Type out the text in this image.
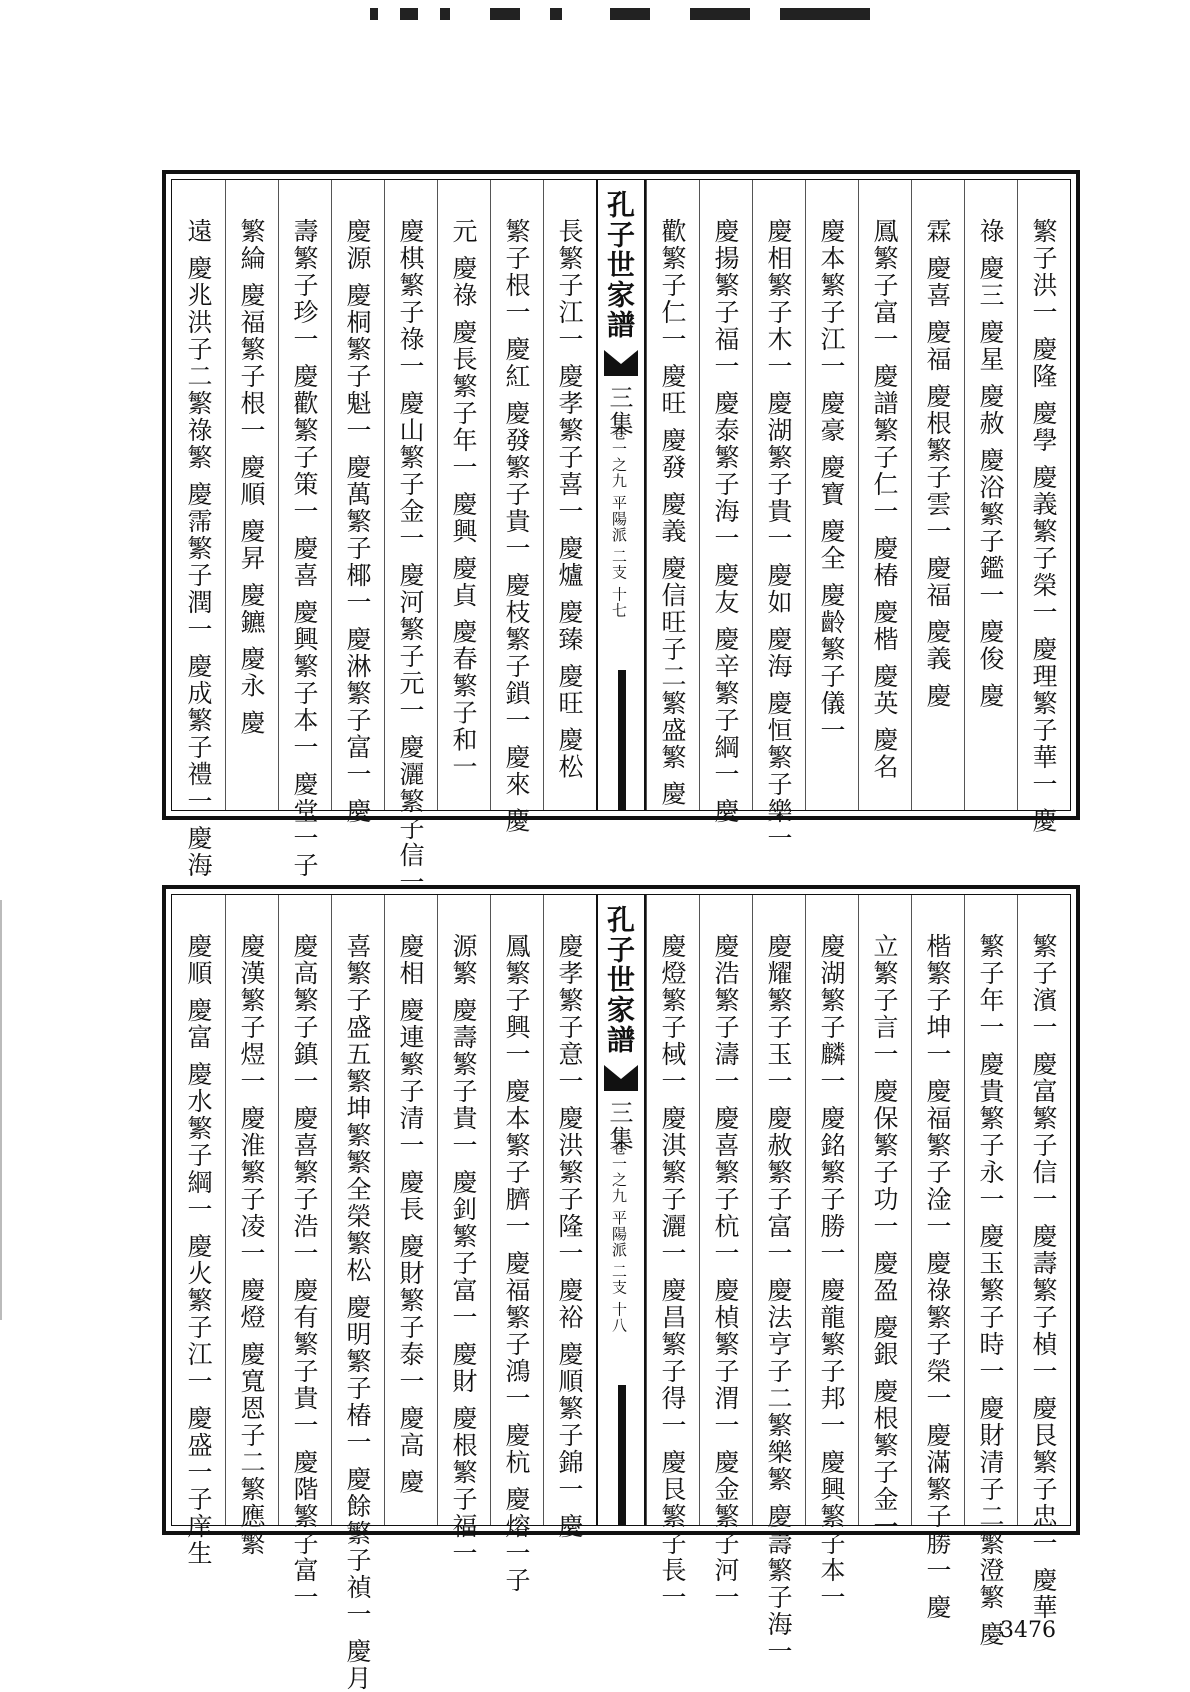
遠 慶兆洪子二繁祿繁 慶霈繁子潤一 慶成繁子禮一 慶海 繁綸 慶福繁子根一 慶順 慶昇 慶鑣 慶永 慶 壽繁子珍一 慶歡繁子策一 慶喜 慶興繁子本一 慶堂一子 慶源 慶桐繁子魁一 慶萬繁子椰一 慶淋繁子富一 慶 慶棋繁子祿一 慶山繁子金一 慶河繁子元一 慶灑繁子信一 元 慶祿 慶長繁子年一 慶興 慶貞 慶春繁子和一 繁子根一 慶紅 慶發繁子貴一 慶枝繁子鎖一 慶來 慶 長繁子江一 慶孝繁子喜一 慶爐 慶臻 慶旺 慶松 孔子世家譜
三集
卷一之九 平陽派 二支 十七	歡繁子仁一 慶旺 慶發 慶義 慶信旺子二繁盛繁 慶 慶揚繁子福一 慶泰繁子海一 慶友 慶辛繁子綱一 慶 慶相繁子木一 慶湖繁子貴一 慶如 慶海 慶恒繁子樂一 慶本繁子江一 慶豪 慶寶 慶全 慶齡繁子儀一 鳳繁子富一 慶譜繁子仁一 慶椿 慶楷 慶英 慶名 霖 慶喜 慶福 慶根繁子雲一 慶福 慶義 慶 祿 慶三 慶星 慶赦 慶浴繁子鑑一 慶俊 慶 繁子洪一 慶隆 慶學 慶義繁子榮一 慶理繁子華一 慶
慶順 慶富 慶水繁子綱一 慶火繁子江一 慶盛一子庠生 慶漢繁子煜一 慶淮繁子凌一 慶燈 慶寬恩子二繁應繁 慶高繁子鎮一 慶喜繁子浩一 慶有繁子貴一 慶階繁子富一 喜繁子盛五繁坤繁繁全榮繁松 慶明繁子椿一 慶餘繁子禎一 慶月 慶相 慶連繁子清一 慶長 慶財繁子泰一 慶高 慶 源繁 慶壽繁子貴一 慶釗繁子富一 慶財 慶根繁子福一 鳳繁子興一 慶本繁子臍一 慶福繁子鴻一 慶杭 慶熔一子 慶孝繁子意一 慶洪繁子隆一 慶裕 慶順繁子錦一 慶 孔子世家譜
三集
卷一之九 平陽派 二支 十八	慶燈繁子棫一 慶淇繁子灑一 慶昌繁子得一 慶艮繁子長一 慶浩繁子濤一 慶喜繁子杭一 慶楨繁子渭一 慶金繁子河一 慶耀繁子玉一 慶赦繁子富一 慶法亨子二繁樂繁 慶壽繁子海一 慶湖繁子麟一 慶銘繁子勝一 慶龍繁子邦一 慶興繁子本一 立繁子言一 慶保繁子功一 慶盈 慶銀 慶根繁子金一 楷繁子坤一 慶福繁子淦一 慶祿繁子榮一 慶滿繁子勝一 慶 繁子年一 慶貴繁子永一 慶玉繁子時一 慶財清子二繁澄繁 慶 繁子濱一 慶富繁子信一 慶壽繁子楨一 慶艮繁子忠一 慶華
3476
